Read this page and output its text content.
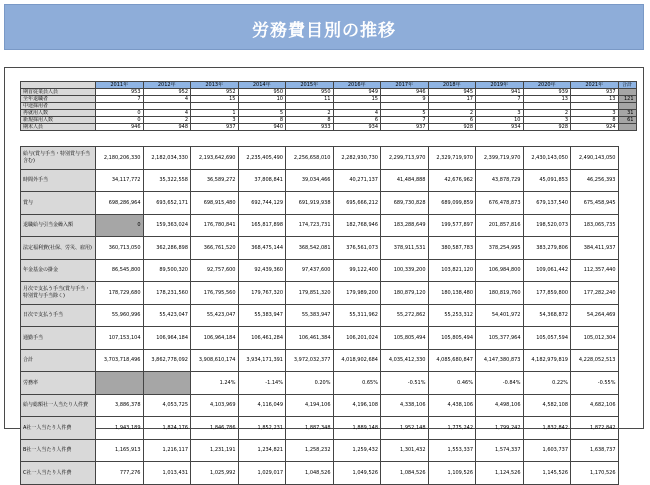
労務費目別の推移
	2011年	2012年	2013年	2014年	2015年	2016年	2017年	2018年	2019年	2020年	2021年	合計
期首従業員人員	953	952	952	950	950	949	946	945	941	939	937	
全年退職者	7	4	15	10	11	15	9	17	7	13	13	121
中途採用者												
再就用人数	0	4	1	5	2	4	5	2	3	2	3	31
新規採用人数	0	2	3	8	8	6	7	6	10	3	8	61
期末人員	946	948	937	940	933	934	937	928	934	928	924	
給与(賞与手当・特別賞与手当含む)	2,180,206,330	2,182,034,330	2,193,642,690	2,235,405,490	2,256,658,010	2,282,930,730	2,299,713,970	2,329,719,970	2,399,719,970	2,430,143,050	2,490,143,050
時間外手当	34,117,772	35,322,558	36,589,272	37,808,841	39,034,466	40,271,137	41,484,888	42,676,962	43,878,729	45,091,853	46,256,393
賞与	698,286,964	693,652,171	698,915,480	692,744,129	691,919,938	695,666,212	689,730,828	689,099,859	676,478,873	679,137,540	675,458,945
退職給与引当金繰入額	0	159,363,024	176,780,841	165,817,898	174,723,731	182,768,946	183,288,649	199,577,897	201,857,816	198,520,073	183,065,735
法定福利費(社保、労災、雇用)	360,713,050	362,286,898	366,761,520	368,475,144	368,542,081	376,561,073	378,911,531	380,587,783	378,254,995	383,279,806	384,411,937
年金基金の掛金	86,545,800	89,500,320	92,757,600	92,439,360	97,437,600	99,122,400	100,339,200	103,821,120	106,984,800	109,061,442	112,357,440
月次で支払う手当(賞与手当・特別賞与手当除く)	178,729,680	178,231,560	176,795,560	179,767,320	179,851,320	179,989,200	180,879,120	180,138,480	180,819,760	177,859,800	177,282,240
日次で支払う手当	55,960,996	55,423,047	55,423,047	55,383,947	55,383,947	55,311,962	55,272,862	55,253,312	54,401,972	54,368,872	54,264,469
通勤手当	107,153,104	106,964,184	106,964,184	106,461,284	106,461,384	106,201,024	105,805,494	105,805,494	105,377,964	105,057,594	105,012,304
合計	3,703,718,496	3,862,778,092	3,908,610,174	3,934,171,391	3,972,032,377	4,018,902,684	4,035,412,330	4,085,680,847	4,147,380,873	4,182,979,819	4,228,052,513
労務率			1.24%	-1.14%	0.20%	0.65%	-0.51%	0.46%	-0.84%	0.22%	-0.55%
給与総額社一人当たり人件費	3,886,378	4,053,725	4,103,969	4,116,049	4,194,106	4,196,108	4,338,106	4,438,106	4,498,106	4,582,108	4,682,106
A社一人当たり人件費	1,943,189	1,824,176	1,846,786	1,852,231	1,887,348	1,889,148	1,952,148	1,775,242	1,799,242	1,832,842	1,872,842
B社一人当たり人件費	1,165,913	1,216,117	1,231,191	1,234,821	1,258,232	1,259,432	1,301,432	1,553,337	1,574,337	1,603,737	1,638,737
C社一人当たり人件費	777,276	1,013,431	1,025,992	1,029,017	1,048,526	1,049,526	1,084,526	1,109,526	1,124,526	1,145,526	1,170,526
